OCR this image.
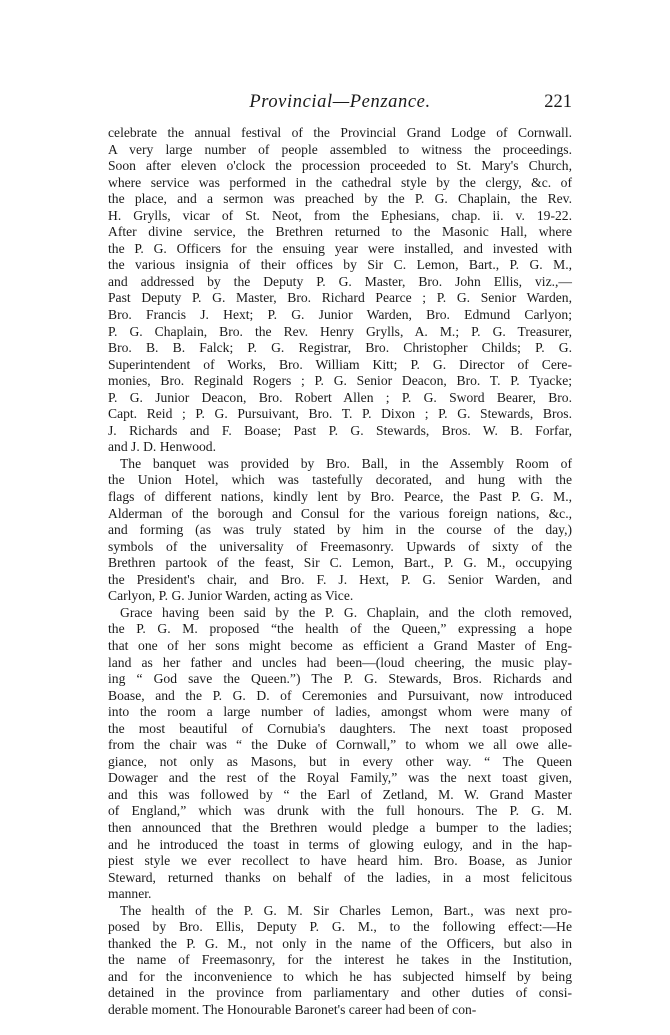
Provincial—Penzance.	221
celebrate the annual festival of the Provincial Grand Lodge of Cornwall.
A very large number of people assembled to witness the proceedings.
Soon after eleven o'clock the procession proceeded to St. Mary's Church,
where service was performed in the cathedral style by the clergy, &c. of
the place, and a sermon was preached by the P. G. Chaplain, the Rev.
H. Grylls, vicar of St. Neot, from the Ephesians, chap. ii. v. 19-22.
After divine service, the Brethren returned to the Masonic Hall, where
the P. G. Officers for the ensuing year were installed, and invested with
the various insignia of their offices by Sir C. Lemon, Bart., P. G. M.,
and addressed by the Deputy P. G. Master, Bro. John Ellis, viz.,—
Past Deputy P. G. Master, Bro. Richard Pearce ; P. G. Senior Warden,
Bro. Francis J. Hext; P. G. Junior Warden, Bro. Edmund Carlyon;
P. G. Chaplain, Bro. the Rev. Henry Grylls, A. M.; P. G. Treasurer,
Bro. B. B. Falck; P. G. Registrar, Bro. Christopher Childs; P. G.
Superintendent of Works, Bro. William Kitt; P. G. Director of Cere-
monies, Bro. Reginald Rogers ; P. G. Senior Deacon, Bro. T. P. Tyacke;
P. G. Junior Deacon, Bro. Robert Allen ; P. G. Sword Bearer, Bro.
Capt. Reid ; P. G. Pursuivant, Bro. T. P. Dixon ; P. G. Stewards, Bros.
J. Richards and F. Boase; Past P. G. Stewards, Bros. W. B. Forfar,
and J. D. Henwood.
The banquet was provided by Bro. Ball, in the Assembly Room of
the Union Hotel, which was tastefully decorated, and hung with the
flags of different nations, kindly lent by Bro. Pearce, the Past P. G. M.,
Alderman of the borough and Consul for the various foreign nations, &c.,
and forming (as was truly stated by him in the course of the day,)
symbols of the universality of Freemasonry. Upwards of sixty of the
Brethren partook of the feast, Sir C. Lemon, Bart., P. G. M., occupying
the President's chair, and Bro. F. J. Hext, P. G. Senior Warden, and
Carlyon, P. G. Junior Warden, acting as Vice.
Grace having been said by the P. G. Chaplain, and the cloth removed,
the P. G. M. proposed “the health of the Queen,” expressing a hope
that one of her sons might become as efficient a Grand Master of Eng-
land as her father and uncles had been—(loud cheering, the music play-
ing “ God save the Queen.”) The P. G. Stewards, Bros. Richards and
Boase, and the P. G. D. of Ceremonies and Pursuivant, now introduced
into the room a large number of ladies, amongst whom were many of
the most beautiful of Cornubia's daughters. The next toast proposed
from the chair was “ the Duke of Cornwall,” to whom we all owe alle-
giance, not only as Masons, but in every other way. “ The Queen
Dowager and the rest of the Royal Family,” was the next toast given,
and this was followed by “ the Earl of Zetland, M. W. Grand Master
of England,” which was drunk with the full honours. The P. G. M.
then announced that the Brethren would pledge a bumper to the ladies;
and he introduced the toast in terms of glowing eulogy, and in the hap-
piest style we ever recollect to have heard him. Bro. Boase, as Junior
Steward, returned thanks on behalf of the ladies, in a most felicitous
manner.
The health of the P. G. M. Sir Charles Lemon, Bart., was next pro-
posed by Bro. Ellis, Deputy P. G. M., to the following effect:—He
thanked the P. G. M., not only in the name of the Officers, but also in
the name of Freemasonry, for the interest he takes in the Institution,
and for the inconvenience to which he has subjected himself by being
detained in the province from parliamentary and other duties of consi-
derable moment. The Honourable Baronet's career had been of con-
